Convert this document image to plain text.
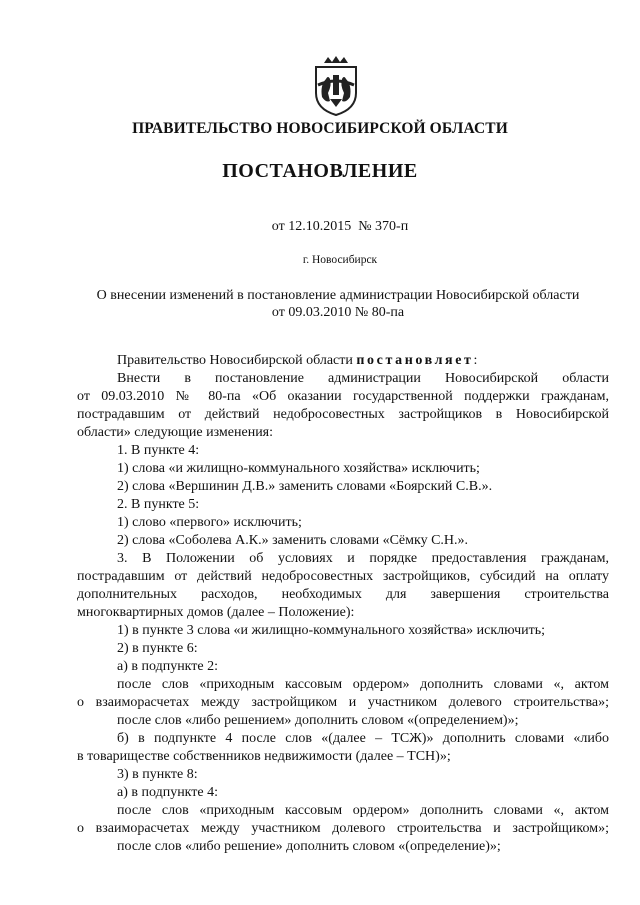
ПРАВИТЕЛЬСТВО НОВОСИБИРСКОЙ ОБЛАСТИ
ПОСТАНОВЛЕНИЕ
от 12.10.2015  № 370-п
г. Новосибирск
О внесении изменений в постановление администрации Новосибирской области
от 09.03.2010 № 80-па
Правительство Новосибирской области постановляет:
Внести в постановление администрации Новосибирской области
от 09.03.2010 № 80-па «Об оказании государственной поддержки гражданам,
пострадавшим от действий недобросовестных застройщиков в Новосибирской
области» следующие изменения:
1. В пункте 4:
1) слова «и жилищно-коммунального хозяйства» исключить;
2) слова «Вершинин Д.В.» заменить словами «Боярский С.В.».
2. В пункте 5:
1) слово «первого» исключить;
2) слова «Соболева А.К.» заменить словами «Сёмку С.Н.».
3. В Положении об условиях и порядке предоставления гражданам,
пострадавшим от действий недобросовестных застройщиков, субсидий на оплату
дополнительных расходов, необходимых для завершения строительства
многоквартирных домов (далее – Положение):
1) в пункте 3 слова «и жилищно-коммунального хозяйства» исключить;
2) в пункте 6:
а) в подпункте 2:
после слов «приходным кассовым ордером» дополнить словами «, актом
о взаиморасчетах между застройщиком и участником долевого строительства»;
после слов «либо решением» дополнить словом «(определением)»;
б) в подпункте 4 после слов «(далее – ТСЖ)» дополнить словами «либо
в товариществе собственников недвижимости (далее – ТСН)»;
3) в пункте 8:
а) в подпункте 4:
после слов «приходным кассовым ордером» дополнить словами «, актом
о взаиморасчетах между участником долевого строительства и застройщиком»;
после слов «либо решение» дополнить словом «(определение)»;
